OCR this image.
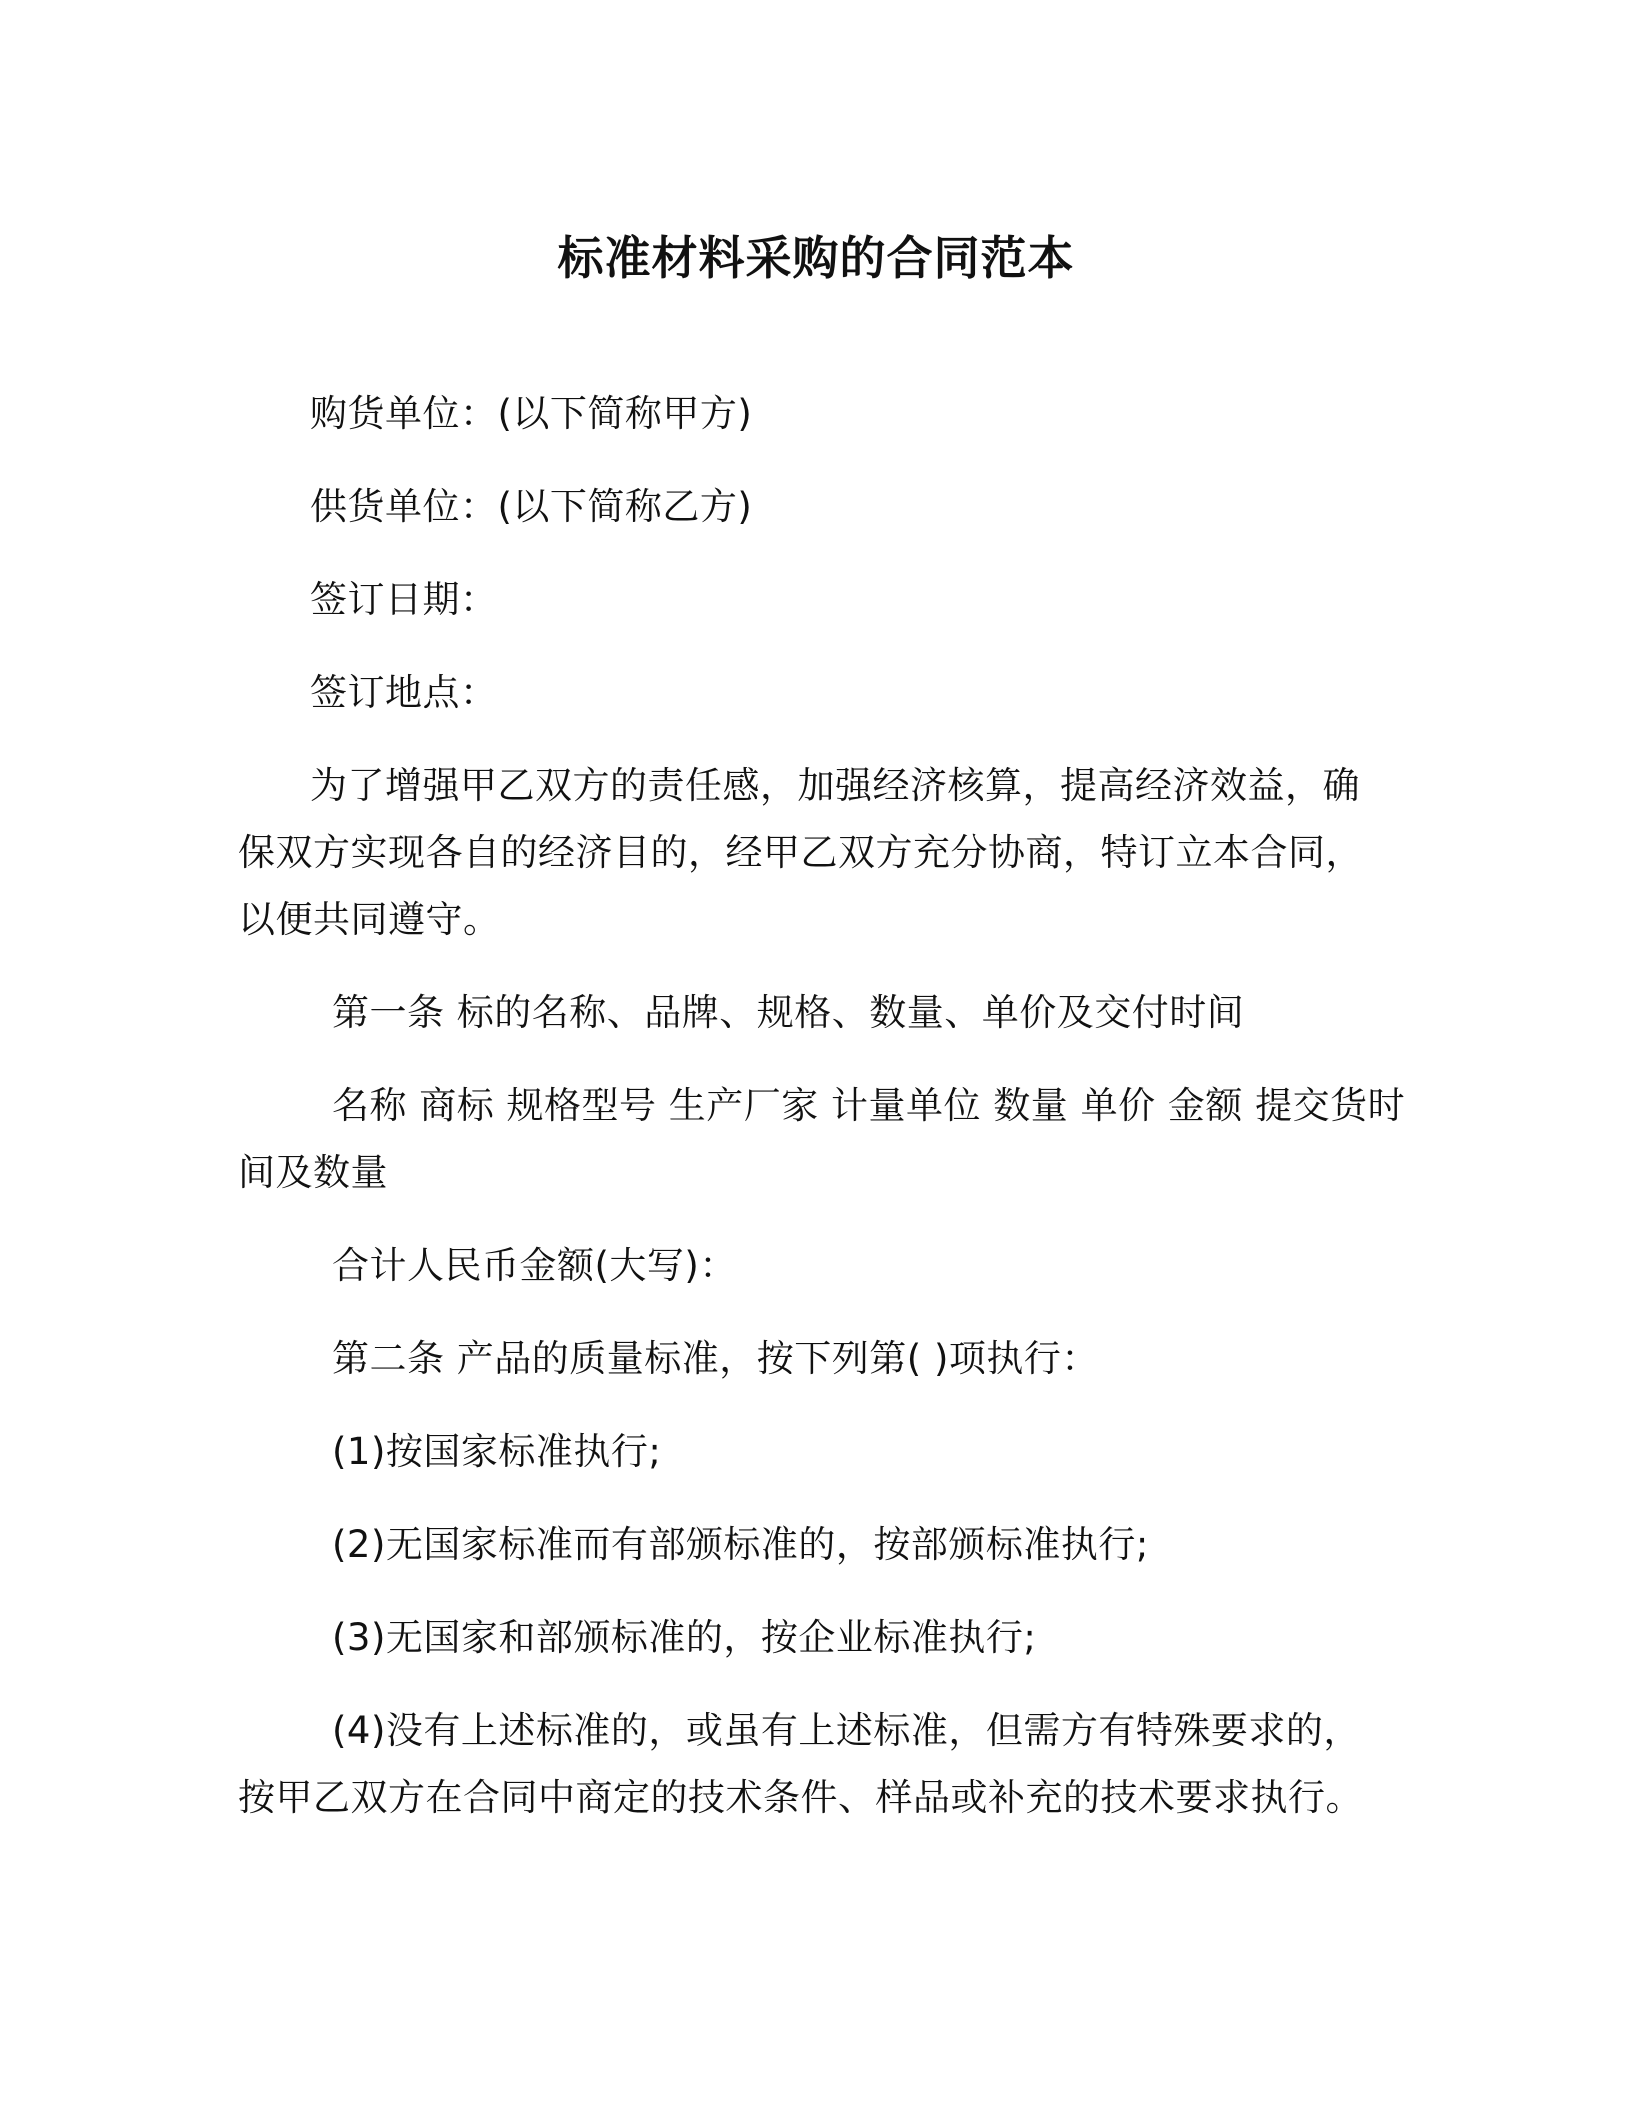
标准材料采购的合同范本
购货单位：(以下简称甲方)
供货单位：(以下简称乙方)
签订日期：
签订地点：
为了增强甲乙双方的责任感，加强经济核算，提高经济效益，确
保双方实现各自的经济目的，经甲乙双方充分协商，特订立本合同，
以便共同遵守。
第一条 标的名称、品牌、规格、数量、单价及交付时间
名称 商标 规格型号 生产厂家 计量单位 数量 单价 金额 提交货时
间及数量
合计人民币金额(大写)：
第二条 产品的质量标准，按下列第( )项执行：
(1)按国家标准执行;
(2)无国家标准而有部颁标准的，按部颁标准执行;
(3)无国家和部颁标准的，按企业标准执行;
(4)没有上述标准的，或虽有上述标准，但需方有特殊要求的，
按甲乙双方在合同中商定的技术条件、样品或补充的技术要求执行。
